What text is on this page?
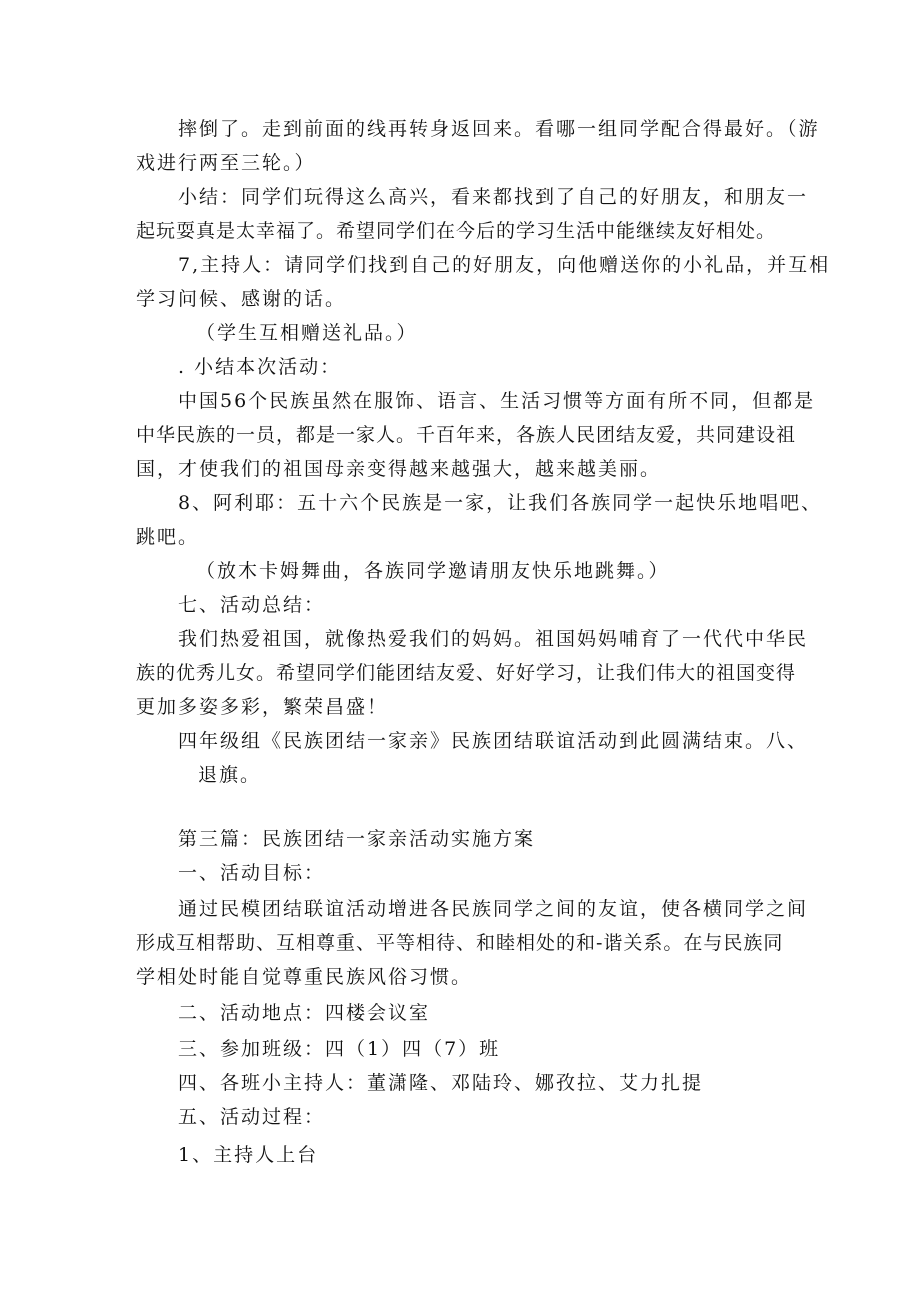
摔倒了。走到前面的线再转身返回来。看哪一组同学配合得最好。（游
戏进行两至三轮。）
小结：同学们玩得这么高兴，看来都找到了自己的好朋友，和朋友一
起玩耍真是太幸福了。希望同学们在今后的学习生活中能继续友好相处。
7,主持人：请同学们找到自己的好朋友，向他赠送你的小礼品，并互相
学习问候、感谢的话。
（学生互相赠送礼品。）
. 小结本次活动：
中国56个民族虽然在服饰、语言、生活习惯等方面有所不同，但都是
中华民族的一员，都是一家人。千百年来，各族人民团结友爱，共同建设祖
国，才使我们的祖国母亲变得越来越强大，越来越美丽。
8、阿利耶：五十六个民族是一家，让我们各族同学一起快乐地唱吧、
跳吧。
（放木卡姆舞曲，各族同学邀请朋友快乐地跳舞。）
七、活动总结：
我们热爱祖国，就像热爱我们的妈妈。祖国妈妈哺育了一代代中华民
族的优秀儿女。希望同学们能团结友爱、好好学习，让我们伟大的祖国变得
更加多姿多彩，繁荣昌盛！
四年级组《民族团结一家亲》民族团结联谊活动到此圆满结束。八、
退旗。
第三篇：民族团结一家亲活动实施方案
一、活动目标：
通过民模团结联谊活动增进各民族同学之间的友谊，使各横同学之间
形成互相帮助、互相尊重、平等相待、和睦相处的和-谐关系。在与民族同
学相处时能自觉尊重民族风俗习惯。
二、活动地点：四楼会议室
三、参加班级：四（1）四（7）班
四、各班小主持人：董潇隆、邓陆玲、娜孜拉、艾力扎提
五、活动过程：
1、主持人上台
